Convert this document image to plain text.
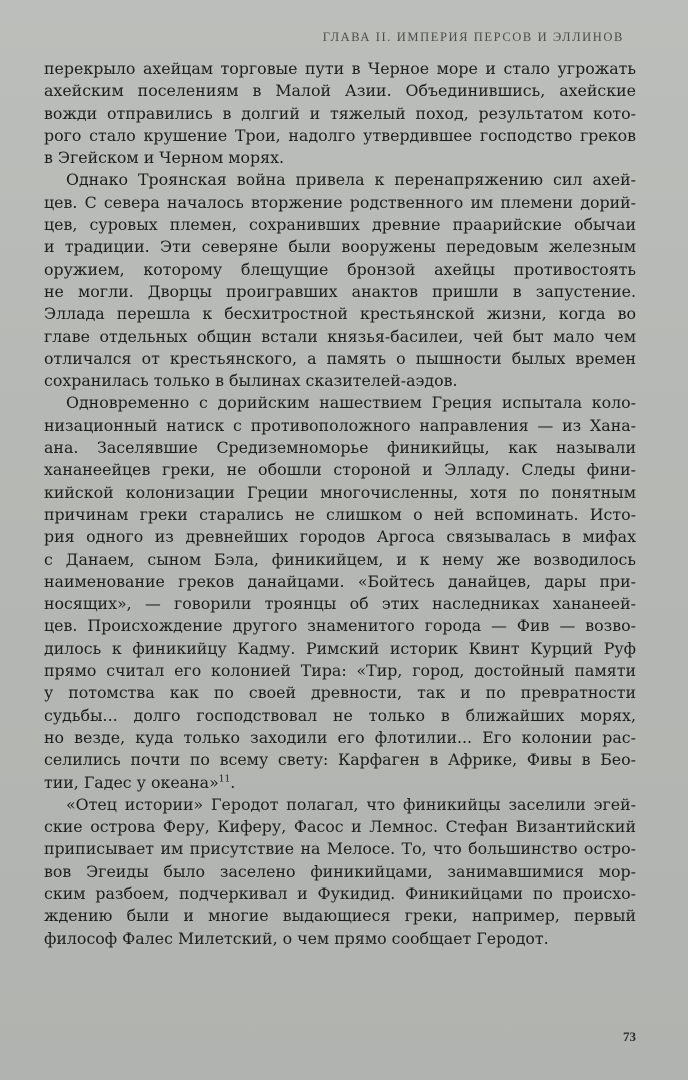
ГЛАВА II. ИМПЕРИЯ ПЕРСОВ И ЭЛЛИНОВ
перекрыло ахейцам торговые пути в Черное море и стало угрожать
ахейским поселениям в Малой Азии. Объединившись, ахейские
вожди отправились в долгий и тяжелый поход, результатом кото-
рого стало крушение Трои, надолго утвердившее господство греков
в Эгейском и Черном морях.
Однако Троянская война привела к перенапряжению сил ахей-
цев. С севера началось вторжение родственного им племени дорий-
цев, суровых племен, сохранивших древние праарийские обычаи
и традиции. Эти северяне были вооружены передовым железным
оружием, которому блещущие бронзой ахейцы противостоять
не могли. Дворцы проигравших анактов пришли в запустение.
Эллада перешла к бесхитростной крестьянской жизни, когда во
главе отдельных общин встали князья-басилеи, чей быт мало чем
отличался от крестьянского, а память о пышности былых времен
сохранилась только в былинах сказителей-аэдов.
Одновременно с дорийским нашествием Греция испытала коло-
низационный натиск с противоположного направления — из Хана-
ана. Заселявшие Средиземноморье финикийцы, как называли
хананеейцев греки, не обошли стороной и Элладу. Следы фини-
кийской колонизации Греции многочисленны, хотя по понятным
причинам греки старались не слишком о ней вспоминать. Исто-
рия одного из древнейших городов Аргоса связывалась в мифах
с Данаем, сыном Бэла, финикийцем, и к нему же возводилось
наименование греков данайцами. «Бойтесь данайцев, дары при-
носящих», — говорили троянцы об этих наследниках хананеей-
цев. Происхождение другого знаменитого города — Фив — возво-
дилось к финикийцу Кадму. Римский историк Квинт Курций Руф
прямо считал его колонией Тира: «Тир, город, достойный памяти
у потомства как по своей древности, так и по превратности
судьбы... долго господствовал не только в ближайших морях,
но везде, куда только заходили его флотилии... Его колонии рас-
селились почти по всему свету: Карфаген в Африке, Фивы в Бео-
тии, Гадес у океана»$^{11}$.
«Отец истории» Геродот полагал, что финикийцы заселили эгей-
ские острова Феру, Киферу, Фасос и Лемнос. Стефан Византийский
приписывает им присутствие на Мелосе. То, что большинство остро-
вов Эгеиды было заселено финикийцами, занимавшимися мор-
ским разбоем, подчеркивал и Фукидид. Финикийцами по происхо-
ждению были и многие выдающиеся греки, например, первый
философ Фалес Милетский, о чем прямо сообщает Геродот.
73
